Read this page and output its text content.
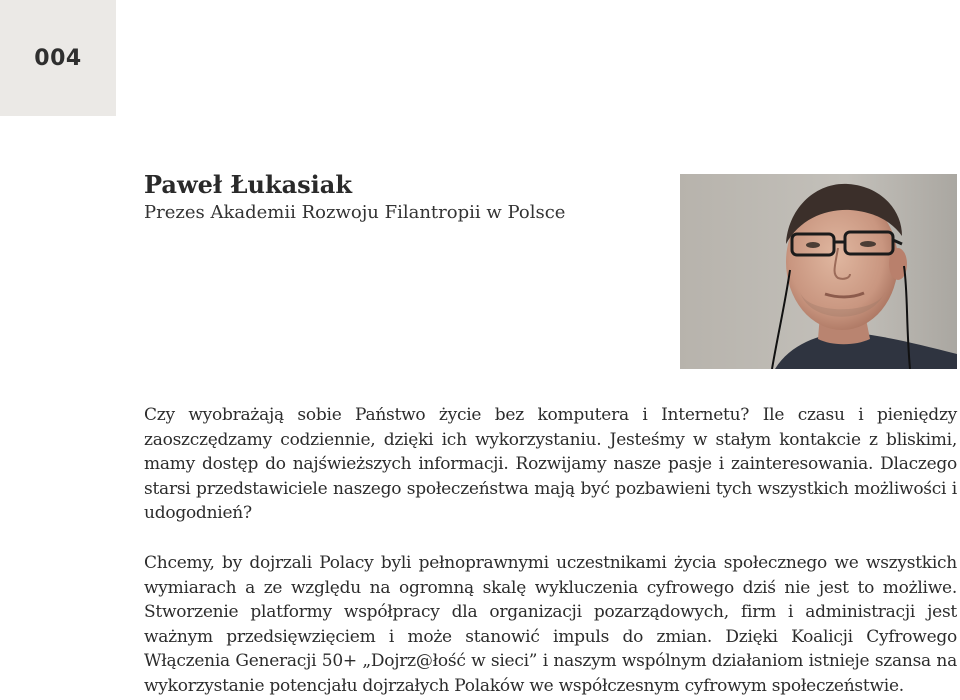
004
Paweł Łukasiak

Prezes Akademii Rozwoju Filantropii w Polsce

Czy wyobrażają sobie Państwo życie bez komputera i Internetu? Ile czasu i pieniędzy zaoszczędzamy codziennie, dzięki ich wykorzystaniu. Jesteśmy w stałym kontakcie z bliskimi, mamy dostęp do najświeższych informacji. Rozwijamy nasze pasje i zainteresowania. Dlaczego starsi przedstawiciele naszego społeczeństwa mają być pozbawieni tych wszystkich możliwości i udogodnień?

Chcemy, by dojrzali Polacy byli pełnoprawnymi uczestnikami życia społecznego we wszystkich wymiarach a ze względu na ogromną skalę wykluczenia cyfrowego dziś nie jest to możliwe. Stworzenie platformy współpracy dla organizacji pozarządowych, firm i administracji jest ważnym przedsięwzięciem i może stanowić impuls do zmian. Dzięki Koalicji Cyfrowego Włączenia Generacji 50+ „Dojrz@łość w sieci” i naszym wspólnym działaniom istnieje szansa na wykorzystanie potencjału dojrzałych Polaków we współczesnym cyfrowym społeczeństwie.
